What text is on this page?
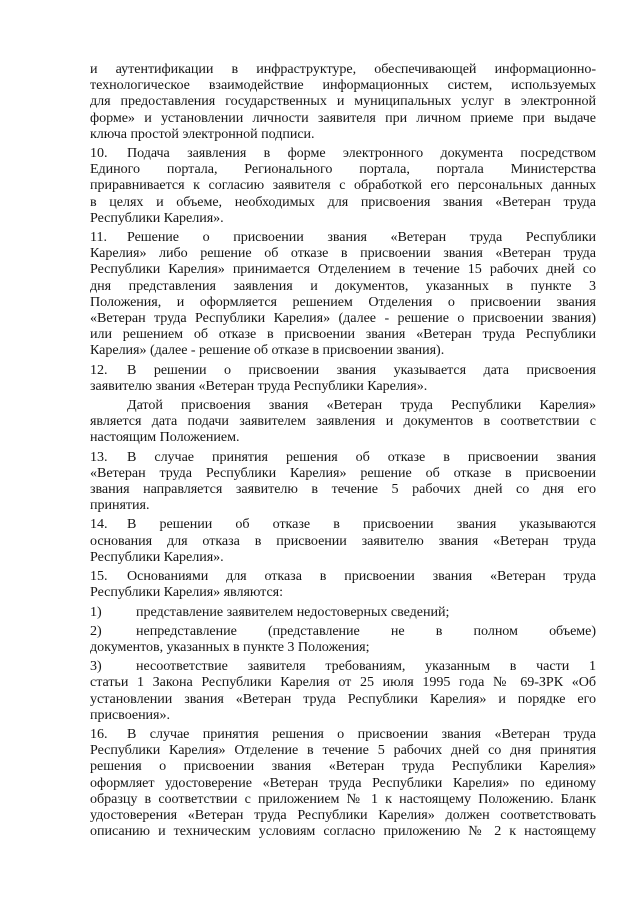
и аутентификации в инфраструктуре, обеспечивающей информационно-

технологическое взаимодействие информационных систем, используемых

для предоставления государственных и муниципальных услуг в электронной

форме» и установлении личности заявителя при личном приеме при выдаче

ключа простой электронной подписи.

10. Подача заявления в форме электронного документа посредством

Единого портала, Регионального портала, портала Министерства

приравнивается к согласию заявителя с обработкой его персональных данных

в целях и объеме, необходимых для присвоения звания «Ветеран труда

Республики Карелия».

11. Решение о присвоении звания «Ветеран труда Республики

Карелия» либо решение об отказе в присвоении звания «Ветеран труда

Республики Карелия» принимается Отделением в течение 15 рабочих дней со

дня представления заявления и документов, указанных в пункте 3

Положения, и оформляется решением Отделения о присвоении звания

«Ветеран труда Республики Карелия» (далее - решение о присвоении звания)

или решением об отказе в присвоении звания «Ветеран труда Республики

Карелия» (далее - решение об отказе в присвоении звания).

12. В решении о присвоении звания указывается дата присвоения

заявителю звания «Ветеран труда Республики Карелия».

Датой присвоения звания «Ветеран труда Республики Карелия»

является дата подачи заявителем заявления и документов в соответствии с

настоящим Положением.

13. В случае принятия решения об отказе в присвоении звания

«Ветеран труда Республики Карелия» решение об отказе в присвоении

звания направляется заявителю в течение 5 рабочих дней со дня его

принятия.

14. В решении об отказе в присвоении звания указываются

основания для отказа в присвоении заявителю звания «Ветеран труда

Республики Карелия».

15. Основаниями для отказа в присвоении звания «Ветеран труда

Республики Карелия» являются:

1) представление заявителем недостоверных сведений;

2) непредставление (представление не в полном объеме)

документов, указанных в пункте 3 Положения;

3) несоответствие заявителя требованиям, указанным в части 1

статьи 1 Закона Республики Карелия от 25 июля 1995 года № 69-ЗРК «Об

установлении звания «Ветеран труда Республики Карелия» и порядке его

присвоения».

16. В случае принятия решения о присвоении звания «Ветеран труда

Республики Карелия» Отделение в течение 5 рабочих дней со дня принятия

решения о присвоении звания «Ветеран труда Республики Карелия»

оформляет удостоверение «Ветеран труда Республики Карелия» по единому

образцу в соответствии с приложением № 1 к настоящему Положению. Бланк

удостоверения «Ветеран труда Республики Карелия» должен соответствовать

описанию и техническим условиям согласно приложению № 2 к настоящему
